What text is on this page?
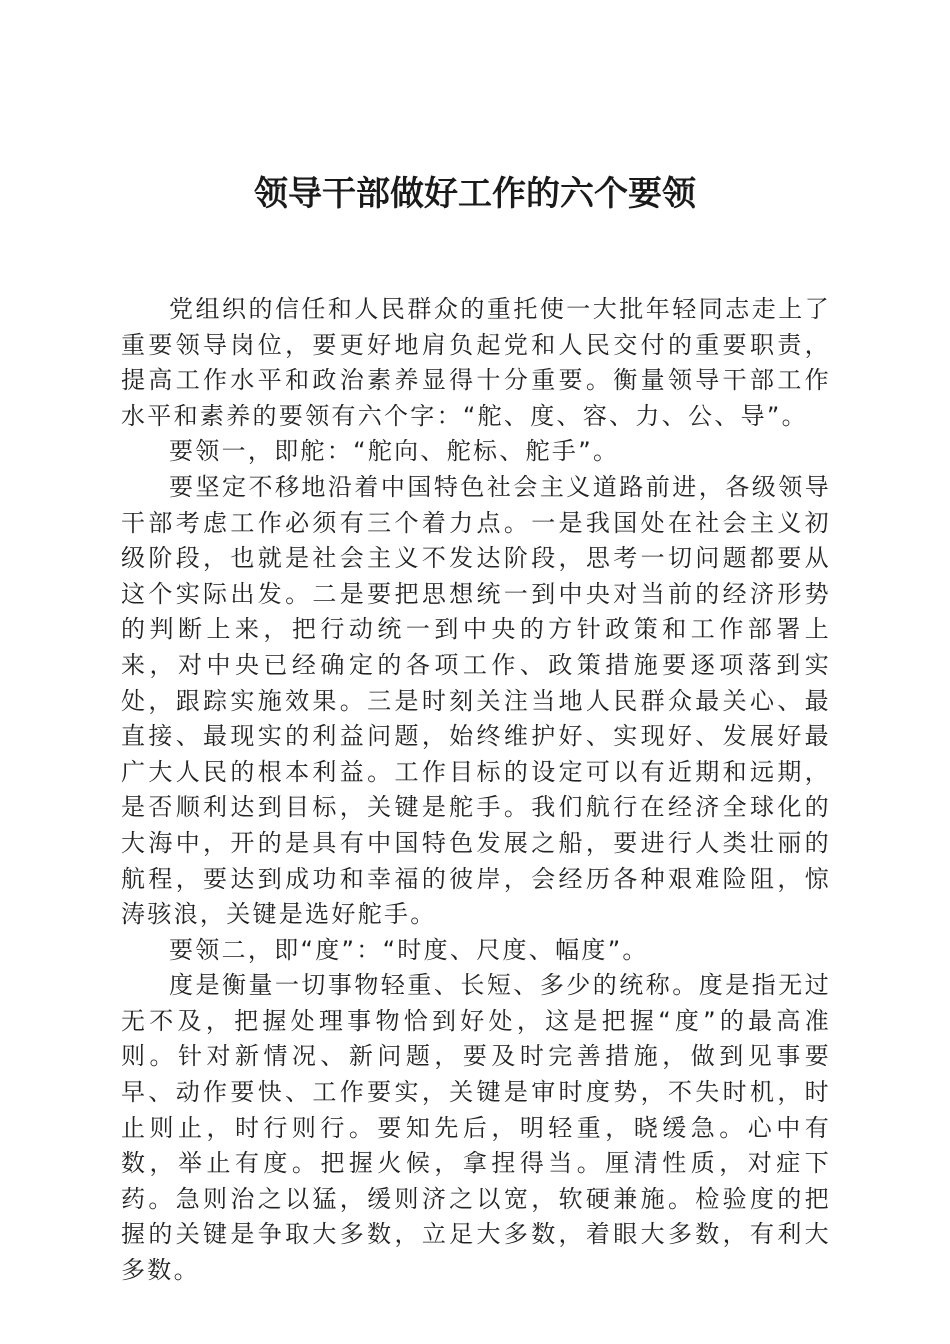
领导干部做好工作的六个要领

党组织的信任和人民群众的重托使一大批年轻同志走上了重要领导岗位，要更好地肩负起党和人民交付的重要职责，提高工作水平和政治素养显得十分重要。衡量领导干部工作水平和素养的要领有六个字：“舵、度、容、力、公、导”。

要领一，即舵：“舵向、舵标、舵手”。

要坚定不移地沿着中国特色社会主义道路前进，各级领导干部考虑工作必须有三个着力点。一是我国处在社会主义初级阶段，也就是社会主义不发达阶段，思考一切问题都要从这个实际出发。二是要把思想统一到中央对当前的经济形势的判断上来，把行动统一到中央的方针政策和工作部署上来，对中央已经确定的各项工作、政策措施要逐项落到实处，跟踪实施效果。三是时刻关注当地人民群众最关心、最直接、最现实的利益问题，始终维护好、实现好、发展好最广大人民的根本利益。工作目标的设定可以有近期和远期，是否顺利达到目标，关键是舵手。我们航行在经济全球化的大海中，开的是具有中国特色发展之船，要进行人类壮丽的航程，要达到成功和幸福的彼岸，会经历各种艰难险阻，惊涛骇浪，关键是选好舵手。

要领二，即“度”：“时度、尺度、幅度”。

度是衡量一切事物轻重、长短、多少的统称。度是指无过无不及，把握处理事物恰到好处，这是把握“度”的最高准则。针对新情况、新问题，要及时完善措施，做到见事要早、动作要快、工作要实，关键是审时度势，不失时机，时止则止，时行则行。要知先后，明轻重，晓缓急。心中有数，举止有度。把握火候，拿捏得当。厘清性质，对症下药。急则治之以猛，缓则济之以宽，软硬兼施。检验度的把握的关键是争取大多数，立足大多数，着眼大多数，有利大多数。
